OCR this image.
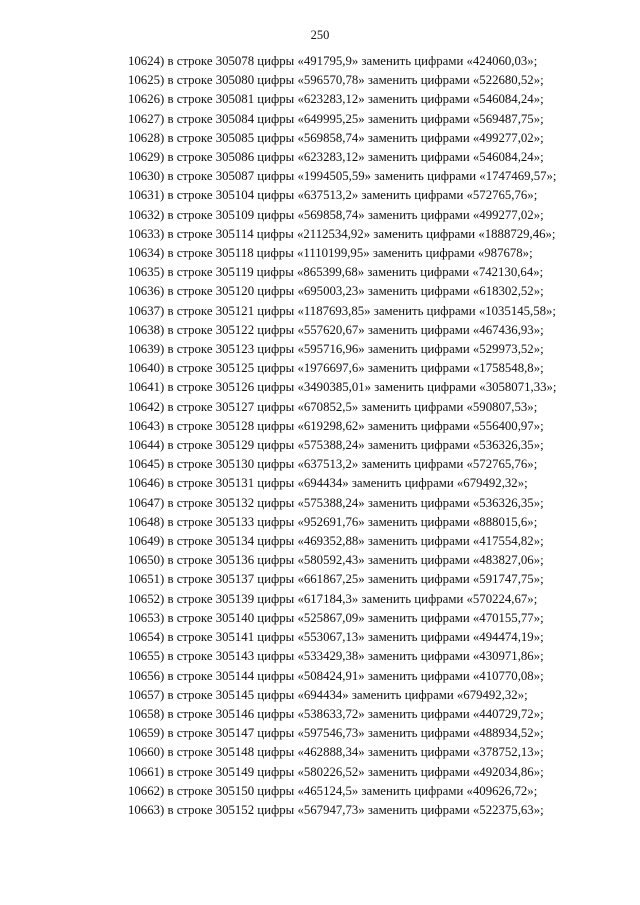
250

10624) в строке 305078 цифры «491795,9» заменить цифрами «424060,03»;

10625) в строке 305080 цифры «596570,78» заменить цифрами «522680,52»;

10626) в строке 305081 цифры «623283,12» заменить цифрами «546084,24»;

10627) в строке 305084 цифры «649995,25» заменить цифрами «569487,75»;

10628) в строке 305085 цифры «569858,74» заменить цифрами «499277,02»;

10629) в строке 305086 цифры «623283,12» заменить цифрами «546084,24»;

10630) в строке 305087 цифры «1994505,59» заменить цифрами «1747469,57»;

10631) в строке 305104 цифры «637513,2» заменить цифрами «572765,76»;

10632) в строке 305109 цифры «569858,74» заменить цифрами «499277,02»;

10633) в строке 305114 цифры «2112534,92» заменить цифрами «1888729,46»;

10634) в строке 305118 цифры «1110199,95» заменить цифрами «987678»;

10635) в строке 305119 цифры «865399,68» заменить цифрами «742130,64»;

10636) в строке 305120 цифры «695003,23» заменить цифрами «618302,52»;

10637) в строке 305121 цифры «1187693,85» заменить цифрами «1035145,58»;

10638) в строке 305122 цифры «557620,67» заменить цифрами «467436,93»;

10639) в строке 305123 цифры «595716,96» заменить цифрами «529973,52»;

10640) в строке 305125 цифры «1976697,6» заменить цифрами «1758548,8»;

10641) в строке 305126 цифры «3490385,01» заменить цифрами «3058071,33»;

10642) в строке 305127 цифры «670852,5» заменить цифрами «590807,53»;

10643) в строке 305128 цифры «619298,62» заменить цифрами «556400,97»;

10644) в строке 305129 цифры «575388,24» заменить цифрами «536326,35»;

10645) в строке 305130 цифры «637513,2» заменить цифрами «572765,76»;

10646) в строке 305131 цифры «694434» заменить цифрами «679492,32»;

10647) в строке 305132 цифры «575388,24» заменить цифрами «536326,35»;

10648) в строке 305133 цифры «952691,76» заменить цифрами «888015,6»;

10649) в строке 305134 цифры «469352,88» заменить цифрами «417554,82»;

10650) в строке 305136 цифры «580592,43» заменить цифрами «483827,06»;

10651) в строке 305137 цифры «661867,25» заменить цифрами «591747,75»;

10652) в строке 305139 цифры «617184,3» заменить цифрами «570224,67»;

10653) в строке 305140 цифры «525867,09» заменить цифрами «470155,77»;

10654) в строке 305141 цифры «553067,13» заменить цифрами «494474,19»;

10655) в строке 305143 цифры «533429,38» заменить цифрами «430971,86»;

10656) в строке 305144 цифры «508424,91» заменить цифрами «410770,08»;

10657) в строке 305145 цифры «694434» заменить цифрами «679492,32»;

10658) в строке 305146 цифры «538633,72» заменить цифрами «440729,72»;

10659) в строке 305147 цифры «597546,73» заменить цифрами «488934,52»;

10660) в строке 305148 цифры «462888,34» заменить цифрами «378752,13»;

10661) в строке 305149 цифры «580226,52» заменить цифрами «492034,86»;

10662) в строке 305150 цифры «465124,5» заменить цифрами «409626,72»;

10663) в строке 305152 цифры «567947,73» заменить цифрами «522375,63»;
